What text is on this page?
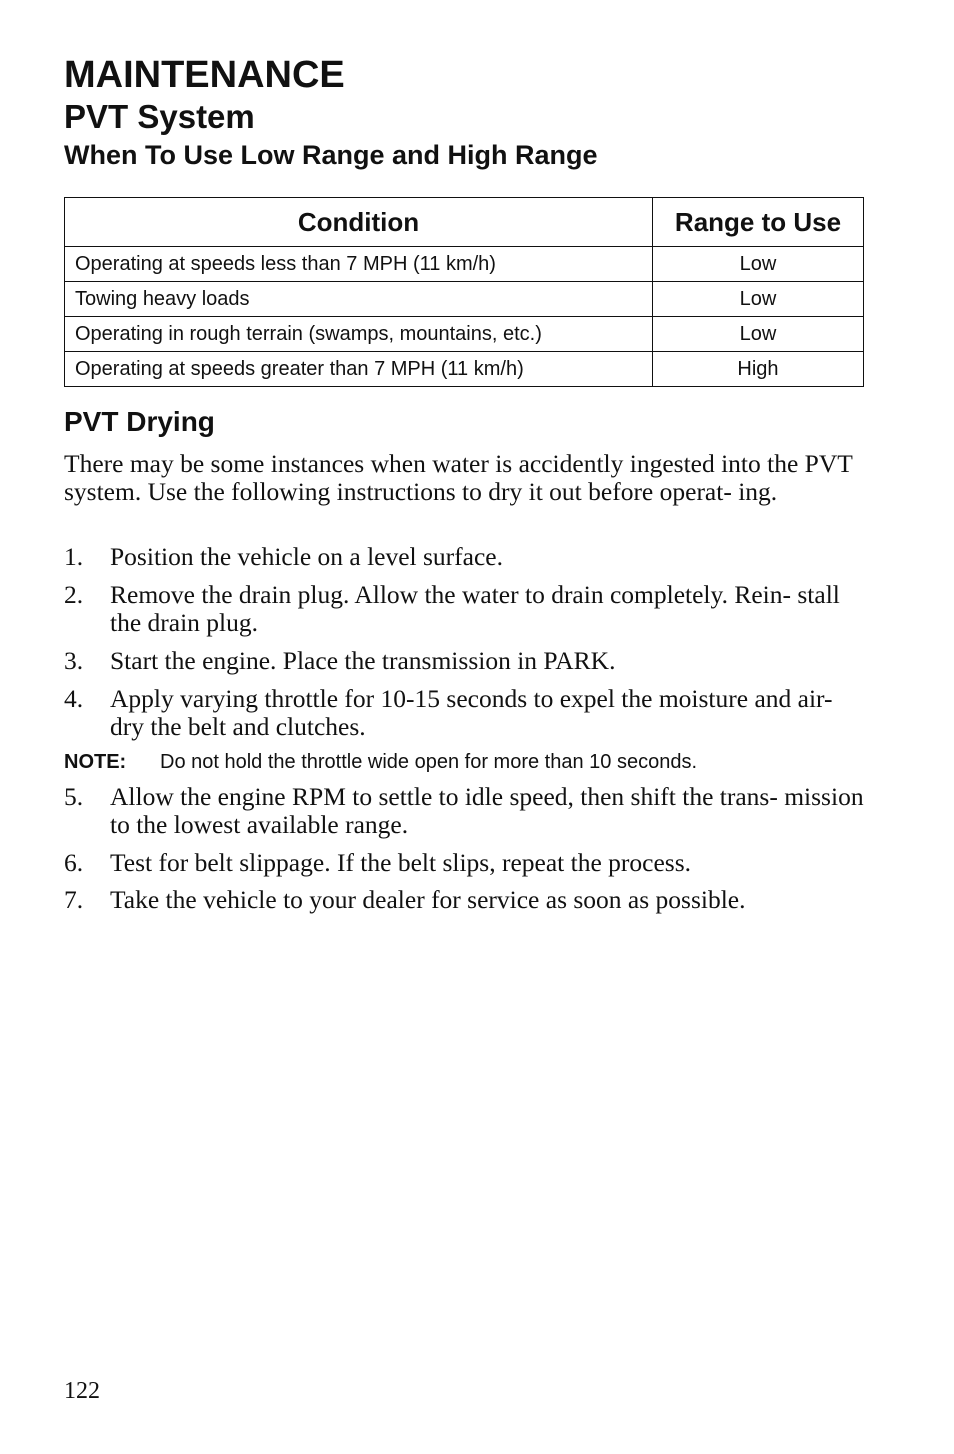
MAINTENANCE
PVT System
When To Use Low Range and High Range
Condition	Range to Use
Operating at speeds less than 7 MPH (11 km/h)	Low
Towing heavy loads	Low
Operating in rough terrain (swamps, mountains, etc.)	Low
Operating at speeds greater than 7 MPH (11 km/h)	High
PVT Drying

There may be some instances when water is accidently ingested into the PVT system. Use the following instructions to dry it out before operat- ing.

1.	Position the vehicle on a level surface.
2.	Remove the drain plug. Allow the water to drain completely. Rein- stall the drain plug.
3.	Start the engine. Place the transmission in PARK.
4.	Apply varying throttle for 10-15 seconds to expel the moisture and air-dry the belt and clutches.
NOTE: Do not hold the throttle wide open for more than 10 seconds.
5.	Allow the engine RPM to settle to idle speed, then shift the trans- mission to the lowest available range.
6.	Test for belt slippage. If the belt slips, repeat the process.
7.	Take the vehicle to your dealer for service as soon as possible.
122
